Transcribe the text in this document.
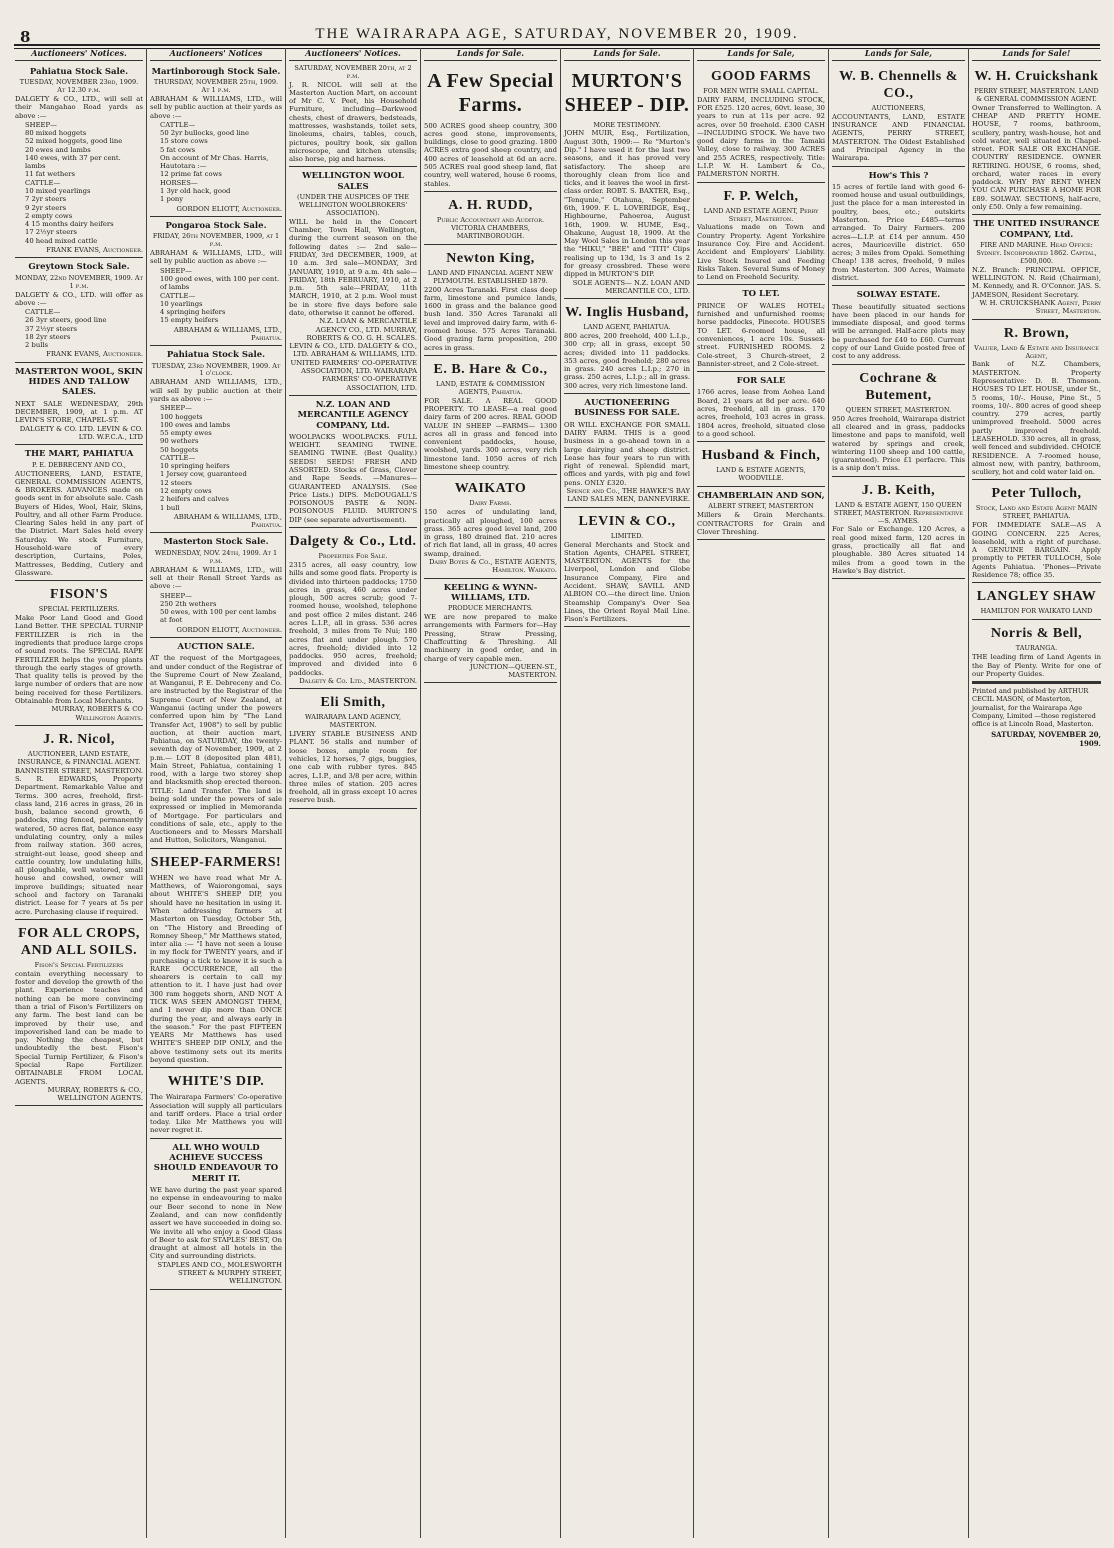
8	THE WAIRARAPA AGE, SATURDAY, NOVEMBER 20, 1909.
Auctioneers' Notices.
Pahiatua Stock Sale.
TUESDAY, NOVEMBER 23rd, 1909. At 12.30 p.m.
DALGETY & CO., LTD., will sell at their Mangahao Road yards as above :—
SHEEP—
80 mixed hoggets
52 mixed hoggets, good line
20 ewes and lambs
140 ewes, with 37 per cent. lambs
11 fat wethers
CATTLE—
10 mixed yearlings
7 2yr steers
9 2yr steers
2 empty cows
4 15 months dairy heifers
17 2½yr steers
40 head mixed cattle
FRANK EVANS, Auctioneer.
Greytown Stock Sale.
MONDAY, 22nd NOVEMBER, 1909. At 1 p.m.
DALGETY & CO., LTD. will offer as above :—
CATTLE—
26 3yr steers, good line
37 2½yr steers
18 2yr steers
2 bulls
FRANK EVANS, Auctioneer.
MASTERTON WOOL, SKIN HIDES AND TALLOW SALES.
NEXT SALE WEDNESDAY, 29th DECEMBER, 1909, at 1 p.m. AT LEVIN'S STORE, CHAPEL-ST.
DALGETY & CO. LTD. LEVIN & CO. LTD. W.F.C.A., LTD
THE MART, PAHIATUA
P. E. DEBRECENY AND CO.,
AUCTIONEERS, LAND, ESTATE, GENERAL COMMISSION AGENTS, & BROKERS. ADVANCES made on goods sent in for absolute sale. Cash Buyers of Hides, Wool, Hair, Skins, Poultry, and all other Farm Produce. Clearing Sales held in any part of the District. Mart Sales held every Saturday. We stock Furniture, Household-ware of every description, Curtains, Poles, Mattresses, Bedding, Cutlery and Glassware.
FISON'S
SPECIAL FERTILIZERS.
Make Poor Land Good and Good Land Better. THE SPECIAL TURNIP FERTILIZER is rich in the ingredients that produce large crops of sound roots. The SPECIAL RAPE FERTILIZER helps the young plants through the early stages of growth. That quality tells is proved by the large number of orders that are now being received for these Fertilizers. Obtainable from Local Merchants.
MURRAY, ROBERTS & CO Wellington Agents.
J. R. Nicol,
AUCTIONEER, LAND ESTATE, INSURANCE, & FINANCIAL AGENT.
BANNISTER STREET, MASTERTON. S. R. EDWARDS, Property Department. Remarkable Value and Terms. 300 acres, freehold, first-class land, 216 acres in grass, 26 in bush, balance second growth, 6 paddocks, ring fenced, permanently watered, 50 acres flat, balance easy undulating country, only a miles from railway station. 360 acres, straight-out lease, good sheep and cattle country, low undulating hills, all ploughable, well watered, small house and cowshed, owner will improve buildings; situated near school and factory on Taranaki district. Lease for 7 years at 5s per acre. Purchasing clause if required.
FOR ALL CROPS, AND ALL SOILS.
Fison's Special Fertilizers
contain everything necessary to foster and develop the growth of the plant. Experience teaches and nothing can be more convincing than a trial of Fison's Fertilizers on any farm. The best land can be improved by their use, and impoverished land can be made to pay. Nothing the cheapest, but undoubtedly the best. Fison's Special Turnip Fertilizer, & Fison's Special Rape Fertilizer. OBTAINABLE FROM LOCAL AGENTS.
MURRAY, ROBERTS & CO., WELLINGTON AGENTS.
Auctioneers' Notices
Martinborough Stock Sale.
THURSDAY, NOVEMBER 25th, 1909. At 1 p.m.
ABRAHAM & WILLIAMS, LTD., will sell by public auction at their yards as above :—
CATTLE—
50 2yr bullocks, good line
15 store cows
5 fat cows
On account of Mr Chas. Harris, Hautotara :—
12 prime fat cows
HORSES—
1 3yr old hack, good
1 pony
GORDON ELIOTT, Auctioneer.
Pongaroa Stock Sale.
FRIDAY, 26th NOVEMBER, 1909, at 1 p.m.
ABRAHAM & WILLIAMS, LTD., will sell by public auction as above :—
SHEEP—
100 good ewes, with 100 per cent. of lambs
CATTLE—
10 yearlings
4 springing heifers
15 empty heifers
ABRAHAM & WILLIAMS, LTD., Pahiatua.
Pahiatua Stock Sale.
TUESDAY, 23rd NOVEMBER, 1909. At 1 o'clock.
ABRAHAM AND WILLIAMS, LTD., will sell by public auction at their yards as above :—
SHEEP—
100 hoggets
100 ewes and lambs
55 empty ewes
90 wethers
50 hoggets
CATTLE—
10 springing heifers
1 Jersey cow, guaranteed
12 steers
12 empty cows
2 heifers and calves
1 bull
ABRAHAM & WILLIAMS, LTD., Pahiatua.
Masterton Stock Sale.
WEDNESDAY, NOV. 24th, 1909. At 1 p.m.
ABRAHAM & WILLIAMS, LTD., will sell at their Renall Street Yards as above :—
SHEEP—
250 2th wethers
50 ewes, with 100 per cent lambs at foot
GORDON ELIOTT, Auctioneer.
AUCTION SALE.
AT the request of the Mortgagees, and under conduct of the Registrar of the Supreme Court of New Zealand, at Wanganui, P. E. Debreceny and Co. are instructed by the Registrar of the Supreme Court of New Zealand, at Wanganui (acting under the powers conferred upon him by "The Land Transfer Act, 1908") to sell by public auction, at their auction mart, Pahiatua, on SATURDAY, the twenty-seventh day of November, 1909, at 2 p.m.— LOT 8 (deposited plan 481), Main Street, Pahiatua, containing 1 rood, with a large two storey shop and blacksmith shop erected thereon. TITLE: Land Transfer. The land is being sold under the powers of sale expressed or implied in Memoranda of Mortgage. For particulars and conditions of sale, etc., apply to the Auctioneers and to Messrs Marshall and Hutton, Solicitors, Wanganui.
SHEEP-FARMERS!
WHEN we have read what Mr A. Matthews, of Waiorongomai, says about WHITE'S SHEEP DIP, you should have no hesitation in using it. When addressing farmers at Masterton on Tuesday, October 5th, on "The History and Breeding of Romney Sheep," Mr Matthews stated, inter alia :— "I have not seen a louse in my flock for TWENTY years, and if purchasing a tick to know it is such a RARE OCCURRENCE, all the shearers is certain to call my attention to it. I have just had over 300 ram hoggets shorn, AND NOT A TICK WAS SEEN AMONGST THEM, and I never dip more than ONCE during the year, and always early in the season." For the past FIFTEEN YEARS Mr Matthews has used WHITE'S SHEEP DIP ONLY, and the above testimony sets out its merits beyond question.
WHITE'S DIP.
The Wairarapa Farmers' Co-operative Association will supply all particulars and tariff orders. Place a trial order today. Like Mr Matthews you will never regret it.
ALL WHO WOULD ACHIEVE SUCCESS SHOULD ENDEAVOUR TO MERIT IT.
WE have during the past year spared no expense in endeavouring to make our Beer second to none in New Zealand, and can now confidently assert we have succeeded in doing so. We invite all who enjoy a Good Glass of Beer to ask for STAPLES' BEST, On draught at almost all hotels in the City and surrounding districts.
STAPLES AND CO., MOLESWORTH STREET & MURPHY STREET, WELLINGTON.
Auctioneers' Notices.
SATURDAY, NOVEMBER 20th, at 2 p.m.
J. R. NICOL will sell at the Masterton Auction Mart, on account of Mr C. V. Peet, his Household Furniture, including—Darkwood chests, chest of drawers, bedsteads, mattresses, washstands, toilet sets, linoleums, chairs, tables, couch, pictures, poultry book, six gallon microscope, and kitchen utensils; also horse, pig and harness.
WELLINGTON WOOL SALES
(UNDER THE AUSPICES OF THE WELLINGTON WOOLBROKERS' ASSOCIATION).
WILL be held in the Concert Chamber, Town Hall, Wellington, during the current season on the following dates :— 2nd sale—FRIDAY, 3rd DECEMBER, 1909, at 10 a.m. 3rd sale—MONDAY, 3rd JANUARY, 1910, at 9 a.m. 4th sale—FRIDAY, 18th FEBRUARY, 1910, at 2 p.m. 5th sale—FRIDAY, 11th MARCH, 1910, at 2 p.m. Wool must be in store five days before sale date, otherwise it cannot be offered.
N.Z. LOAN & MERCANTILE AGENCY CO., LTD. MURRAY, ROBERTS & CO. G. H. SCALES. LEVIN & CO., LTD. DALGETY & CO., LTD. ABRAHAM & WILLIAMS, LTD. UNITED FARMERS' CO-OPERATIVE ASSOCIATION, LTD. WAIRARAPA FARMERS' CO-OPERATIVE ASSOCIATION, LTD.
N.Z. LOAN AND MERCANTILE AGENCY COMPANY, Ltd.
WOOLPACKS WOOLPACKS. FULL WEIGHT. SEAMING TWINE. SEAMING TWINE. (Best Quality.) SEEDS! SEEDS! FRESH AND ASSORTED. Stocks of Grass, Clover and Rape Seeds. —Manures— GUARANTEED ANALYSIS. (See Price Lists.) DIPS. McDOUGALL'S POISONOUS PASTE & NON-POISONOUS FLUID. MURTON'S DIP (see separate advertisement).
Dalgety & Co., Ltd.
Properties For Sale.
2315 acres, all easy country, low hills and some good flats. Property is divided into thirteen paddocks; 1750 acres in grass, 460 acres under plough, 500 acres scrub; good 7-roomed house, woolshed, telephone and post office 2 miles distant. 246 acres L.I.P., all in grass. 536 acres freehold, 3 miles from Te Nui; 180 acres flat and under plough. 570 acres, freehold; divided into 12 paddocks. 950 acres, freehold; improved and divided into 6 paddocks.
Dalgety & Co. Ltd., MASTERTON.
Eli Smith,
WAIRARAPA LAND AGENCY, MASTERTON.
LIVERY STABLE BUSINESS AND PLANT. 56 stalls and number of loose boxes, ample room for vehicles, 12 horses, 7 gigs, buggies, one cab with rubber tyres. 845 acres, L.I.P., and 3/8 per acre, within three miles of station. 205 acres freehold, all in grass except 10 acres reserve bush.
Lands for Sale.
A Few Special Farms.
500 ACRES good sheep country, 300 acres good stone, improvements, buildings, close to good grazing. 1800 ACRES extra good sheep country, and 400 acres of leasehold at 6d an acre. 505 ACRES real good sheep land, flat country, well watered, house 6 rooms, stables.
A. H. RUDD,
Public Accountant and Auditor. VICTORIA CHAMBERS, MARTINBOROUGH.
Newton King,
LAND AND FINANCIAL AGENT NEW PLYMOUTH. ESTABLISHED 1879.
2200 Acres Taranaki. First class deep farm, limestone and pumice lands, 1600 in grass and the balance good bush land. 350 Acres Taranaki all level and improved dairy farm, with 6-roomed house. 575 Acres Taranaki. Good grazing farm proposition, 200 acres in grass.
E. B. Hare & Co.,
LAND, ESTATE & COMMISSION AGENTS, Pahiatua.
FOR SALE. A REAL GOOD PROPERTY. TO LEASE—a real good dairy farm of 200 acres. REAL GOOD VALUE IN SHEEP —FARMS— 1300 acres all in grass and fenced into convenient paddocks, house, woolshed, yards. 300 acres, very rich limestone land. 1050 acres of rich limestone sheep country.
WAIKATO
Dairy Farms.
150 acres of undulating land, practically all ploughed, 100 acres grass. 365 acres good level land, 200 in grass, 180 drained flat. 210 acres of rich flat land, all in grass, 40 acres swamp, drained.
Dairy Boyes & Co., ESTATE AGENTS, Hamilton. Waikato.
KEELING & WYNN-WILLIAMS, LTD.
PRODUCE MERCHANTS.
WE are now prepared to make arrangements with Farmers for—Hay Pressing, Straw Pressing, Chaffcutting & Threshing. All machinery in good order, and in charge of very capable men.
JUNCTION—QUEEN-ST., MASTERTON.
Lands for Sale.
MURTON'S SHEEP - DIP.
MORE TESTIMONY.
JOHN MUIR, Esq., Fertilization, August 30th, 1909:— Re "Murton's Dip." I have used it for the last two seasons, and it has proved very satisfactory. The sheep are thoroughly clean from lice and ticks, and it leaves the wool in first-class order. ROBT. S. BAXTER, Esq., "Tenqunie," Otahuna, September 6th, 1909. F. L. LOVERIDGE, Esq., Highbourne, Pahoeroa, August 16th, 1909. W. HUME, Esq., Ohakune, August 18, 1909. At the May Wool Sales in London this year the "HIKU," "BEE" and "TITI" Clips realising up to 13d, 1s 3 and 1s 2 for greasy crossbred. These were dipped in MURTON'S DIP.
SOLE AGENTS— N.Z. LOAN AND MERCANTILE CO., LTD.
W. Inglis Husband,
LAND AGENT, PAHIATUA.
800 acres, 200 freehold, 400 L.I.p., 300 crp; all in grass, except 50 acres; divided into 11 paddocks. 353 acres, good freehold; 280 acres in grass. 240 acres L.I.p.; 270 in grass. 250 acres, L.I.p.; all in grass. 300 acres, very rich limestone land.
AUCTIONEERING BUSINESS FOR SALE.
OR WILL EXCHANGE FOR SMALL DAIRY FARM. THIS is a good business in a go-ahead town in a large dairying and sheep district. Lease has four years to run with right of renewal. Splendid mart, offices and yards, with pig and fowl pens. ONLY £320.
Spence and Co., THE HAWKE'S BAY LAND SALES MEN, DANNEVIRKE.
LEVIN & CO.,
LIMITED.
General Merchants and Stock and Station Agents, CHAPEL STREET, MASTERTON. AGENTS for the Liverpool, London and Globe Insurance Company, Fire and Accident. SHAW, SAVILL AND ALBION CO.—the direct line. Union Steamship Company's Over Sea Lines, the Orient Royal Mail Line. Fison's Fertilizers.
Lands for Sale,
GOOD FARMS
FOR MEN WITH SMALL CAPITAL.
DAIRY FARM, INCLUDING STOCK, FOR £525. 120 acres, 60vt. lease, 30 years to run at 11s per acre. 92 acres, over 50 freehold. £300 CASH—INCLUDING STOCK. We have two good dairy farms in the Tamaki Valley, close to railway. 300 ACRES and 255 ACRES, respectively. Title: L.I.P. W. H. Lambert & Co., PALMERSTON NORTH.
F. P. Welch,
LAND AND ESTATE AGENT, Perry Street, Masterton.
Valuations made on Town and Country Property. Agent Yorkshire Insurance Coy. Fire and Accident. Accident and Employers' Liability. Live Stock Insured and Feeding Risks Taken. Several Sums of Money to Lend on Freehold Security.
TO LET.
PRINCE OF WALES HOTEL; furnished and unfurnished rooms; horse paddocks, Pinecote. HOUSES TO LET. 6-roomed house, all conveniences, 1 acre 10s. Sussex-street. FURNISHED ROOMS. 2 Cole-street, 3 Church-street, 2 Bannister-street, and 2 Cole-street.
FOR SALE
1766 acres, lease from Aohea Land Board, 21 years at 8d per acre. 640 acres, freehold, all in grass. 170 acres, freehold, 103 acres in grass. 1804 acres, freehold, situated close to a good school.
Husband & Finch,
LAND & ESTATE AGENTS, WOODVILLE.
CHAMBERLAIN AND SON,
ALBERT STREET, MASTERTON
Millers & Grain Merchants. CONTRACTORS for Grain and Clover Threshing.
Lands for Sale,
W. B. Chennells & CO.,
AUCTIONEERS,
ACCOUNTANTS, LAND, ESTATE INSURANCE AND FINANCIAL AGENTS, PERRY STREET, MASTERTON. The Oldest Established and Principal Agency in the Wairarapa.
How's This ?
15 acres of fertile land with good 6-roomed house and usual outbuildings, just the place for a man interested in poultry, bees, etc.; outskirts Masterton. Price £485—terms arranged. To Dairy Farmers. 200 acres—L.I.P. at £14 per annum. 450 acres, Mauriceville district. 650 acres; 3 miles from Opaki. Something Cheap! 138 acres, freehold, 9 miles from Masterton. 300 Acres, Waimate district.
SOLWAY ESTATE.
These beautifully situated sections have been placed in our hands for immediate disposal, and good terms will be arranged. Half-acre plots may be purchased for £40 to £60. Current copy of our Land Guide posted free of cost to any address.
Cochrane & Butement,
QUEEN STREET, MASTERTON.
950 Acres freehold, Wairarapa district all cleared and in grass, paddocks limestone and paps to manifold, well watered by springs and creek, wintering 1100 sheep and 100 cattle, (guaranteed). Price £1 perfacre. This is a snip don't miss.
J. B. Keith,
LAND & ESTATE AGENT, 150 QUEEN STREET, MASTERTON. Representative—S. AYMES.
For Sale or Exchange. 120 Acres, a real good mixed farm, 120 acres in grass, practically all flat and ploughable. 380 Acres situated 14 miles from a good town in the Hawke's Bay district.
Lands for Sale!
W. H. Cruickshank
PERRY STREET, MASTERTON. LAND & GENERAL COMMISSION AGENT.
Owner Transferred to Wellington. A CHEAP AND PRETTY HOME. HOUSE, 7 rooms, bathroom, scullery, pantry, wash-house, hot and cold water, well situated in Chapel-street. FOR SALE OR EXCHANGE. COUNTRY RESIDENCE. OWNER RETIRING. HOUSE, 6 rooms, shed, orchard, water races in every paddock. WHY PAY RENT WHEN YOU CAN PURCHASE A HOME FOR £89. SOLWAY. SECTIONS, half-acre, only £50. Only a few remaining.
THE UNITED INSURANCE COMPANY, Ltd.
FIRE AND MARINE. Head Office: Sydney. Incorporated 1862. Capital, £500,000.
N.Z. Branch: PRINCIPAL OFFICE, WELLINGTON. N. Reid (Chairman), M. Kennedy, and R. O'Connor. JAS. S. JAMESON, Resident Secretary.
W. H. CRUICKSHANK Agent, Perry Street, Masterton.
R. Brown,
Valuer, Land & Estate and Insurance Agent,
Bank of N.Z. Chambers, MASTERTON. Property Representative: D. B. Thomson. HOUSES TO LET. HOUSE, under St., 5 rooms, 10/-. House, Pine St., 5 rooms, 10/-. 800 acres of good sheep country. 279 acres, partly unimproved freehold. 5000 acres partly improved freehold. LEASEHOLD. 330 acres, all in grass, well fenced and subdivided. CHOICE RESIDENCE. A 7-roomed house, almost new, with pantry, bathroom, scullery, hot and cold water laid on.
Peter Tulloch,
Stock, Land and Estate Agent MAIN STREET, PAHIATUA.
FOR IMMEDIATE SALE—AS A GOING CONCERN. 225 Acres, leasehold, with a right of purchase. A GENUINE BARGAIN. Apply promptly to PETER TULLOCH, Sole Agents Pahiatua. 'Phones—Private Residence 78; office 35.
LANGLEY SHAW
HAMILTON FOR WAIKATO LAND
Norris & Bell,
TAURANGA.
THE leading firm of Land Agents in the Bay of Plenty. Write for one of our Property Guides.
Printed and published by ARTHUR CECIL MASON, of Masterton, journalist, for the Wairarapa Age Company, Limited —those registered office is at Lincoln Road, Masterton.
SATURDAY, NOVEMBER 20, 1909.
